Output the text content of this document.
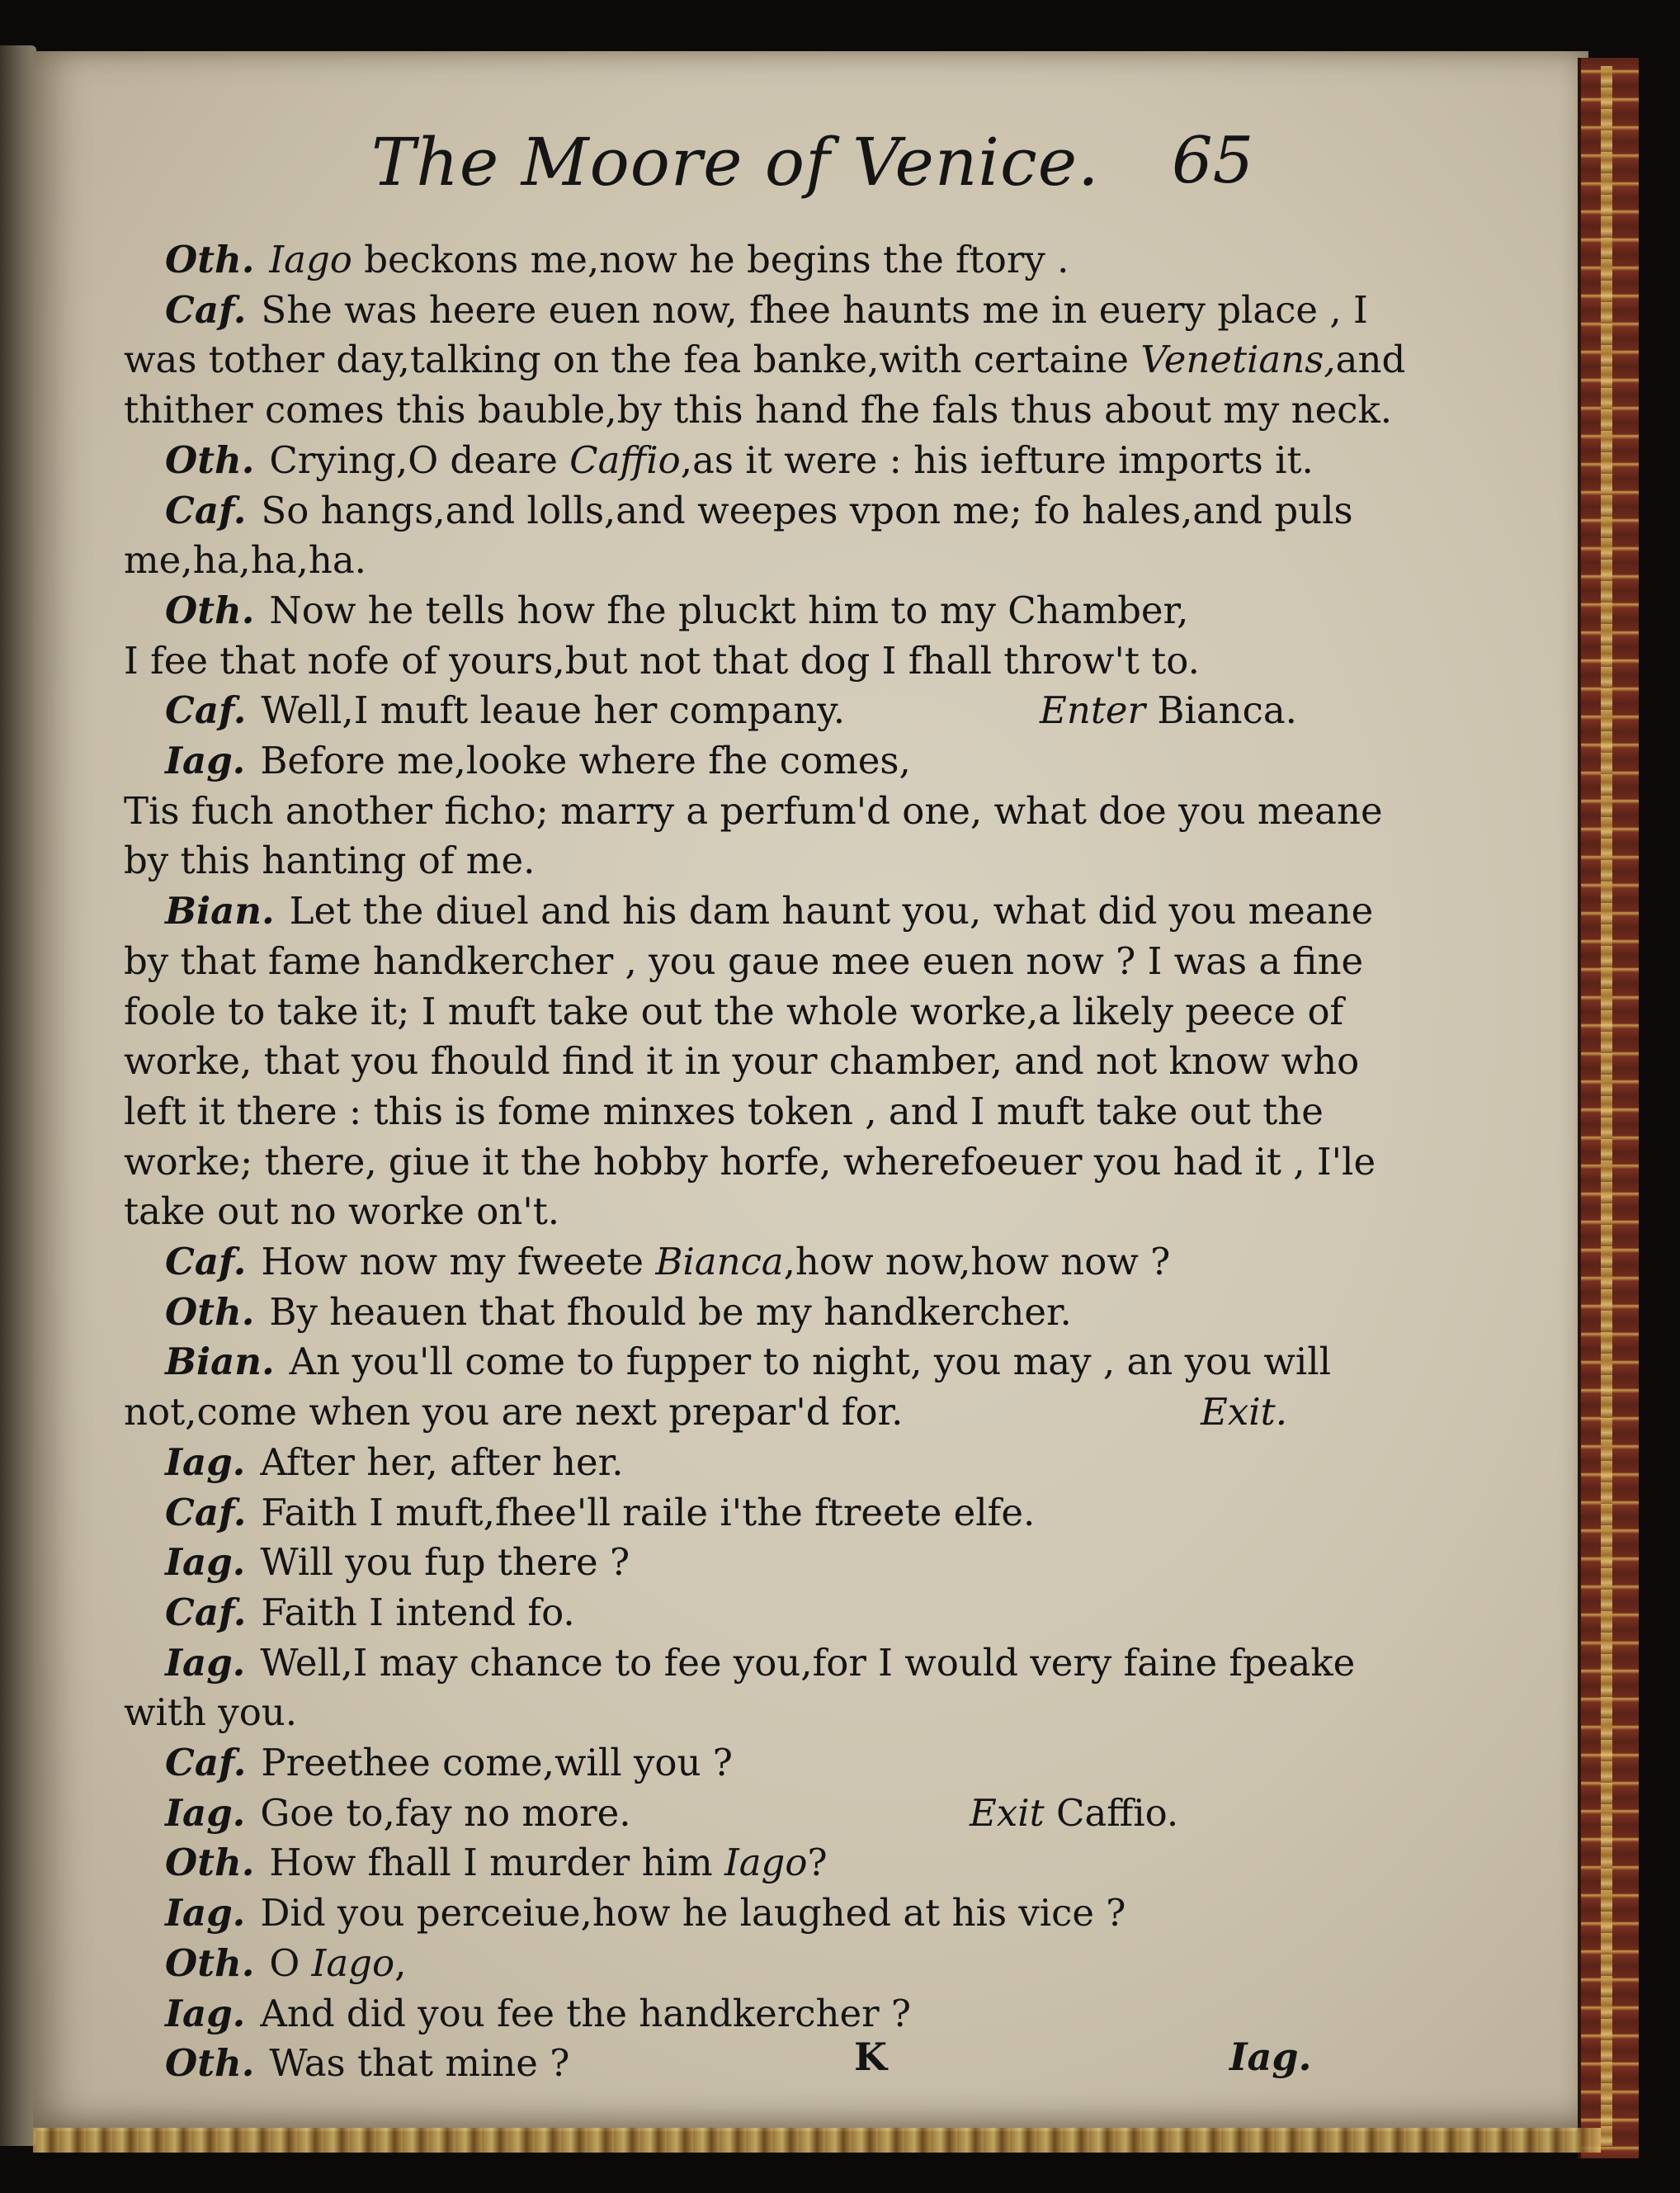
The Moore of Venice. 65
Oth. Iago beckons me,now he begins the ftory .
Caf. She was heere euen now, fhee haunts me in euery place , I
was tother day,talking on the fea banke,with certaine Venetians,and
thither comes this bauble,by this hand fhe fals thus about my neck.
Oth. Crying,O deare Caffio,as it were : his iefture imports it.
Caf. So hangs,and lolls,and weepes vpon me; fo hales,and puls
me,ha,ha,ha.
Oth. Now he tells how fhe pluckt him to my Chamber,
I fee that nofe of yours,but not that dog I fhall throw't to.
Caf. Well,I muft leaue her company.
Iag. Before me,looke where fhe comes,
Tis fuch another ficho; marry a perfum'd one, what doe you meane
by this hanting of me.
Bian. Let the diuel and his dam haunt you, what did you meane
by that fame handkercher , you gaue mee euen now ? I was a fine
foole to take it; I muft take out the whole worke,a likely peece of
worke, that you fhould find it in your chamber, and not know who
left it there : this is fome minxes token , and I muft take out the
worke; there, giue it the hobby horfe, wherefoeuer you had it , I'le
take out no worke on't.
Caf. How now my fweete Bianca,how now,how now ?
Oth. By heauen that fhould be my handkercher.
Bian. An you'll come to fupper to night, you may , an you will
not,come when you are next prepar'd for.
Iag. After her, after her.
Caf. Faith I muft,fhee'll raile i'the ftreete elfe.
Iag. Will you fup there ?
Caf. Faith I intend fo.
Iag. Well,I may chance to fee you,for I would very faine fpeake
with you.
Caf. Preethee come,will you ?
Iag. Goe to,fay no more.
Oth. How fhall I murder him Iago?
Iag. Did you perceiue,how he laughed at his vice ?
Oth. O Iago,
Iag. And did you fee the handkercher ?
Oth. Was that mine ?
Enter Bianca.
Exit.
Exit Caffio.
K	Iag.
